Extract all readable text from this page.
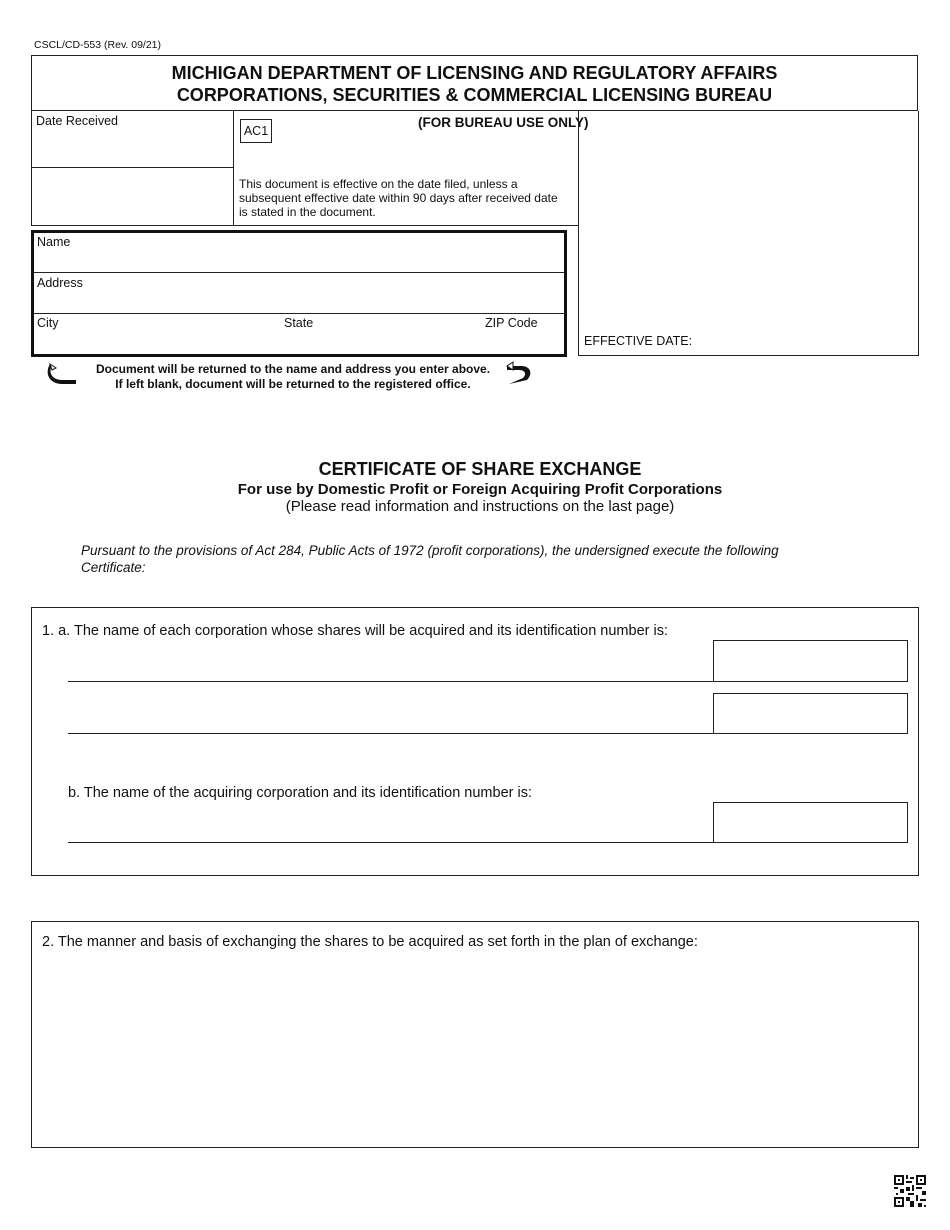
CSCL/CD-553 (Rev. 09/21)
MICHIGAN DEPARTMENT OF LICENSING AND REGULATORY AFFAIRS
CORPORATIONS, SECURITIES & COMMERCIAL LICENSING BUREAU
Date Received
AC1
(FOR BUREAU USE ONLY)
This document is effective on the date filed, unless a subsequent effective date within 90 days after received date is stated in the document.
EFFECTIVE DATE:
Name
Address
City	State	ZIP Code
Document will be returned to the name and address you enter above.
If left blank, document will be returned to the registered office.
CERTIFICATE OF SHARE EXCHANGE
For use by Domestic Profit or Foreign Acquiring Profit Corporations
(Please read information and instructions on the last page)
Pursuant to the provisions of Act 284, Public Acts of 1972 (profit corporations), the undersigned execute the following Certificate:
1. a. The name of each corporation whose shares will be acquired and its identification number is:
b. The name of the acquiring corporation and its identification number is:
2. The manner and basis of exchanging the shares to be acquired as set forth in the plan of exchange:
